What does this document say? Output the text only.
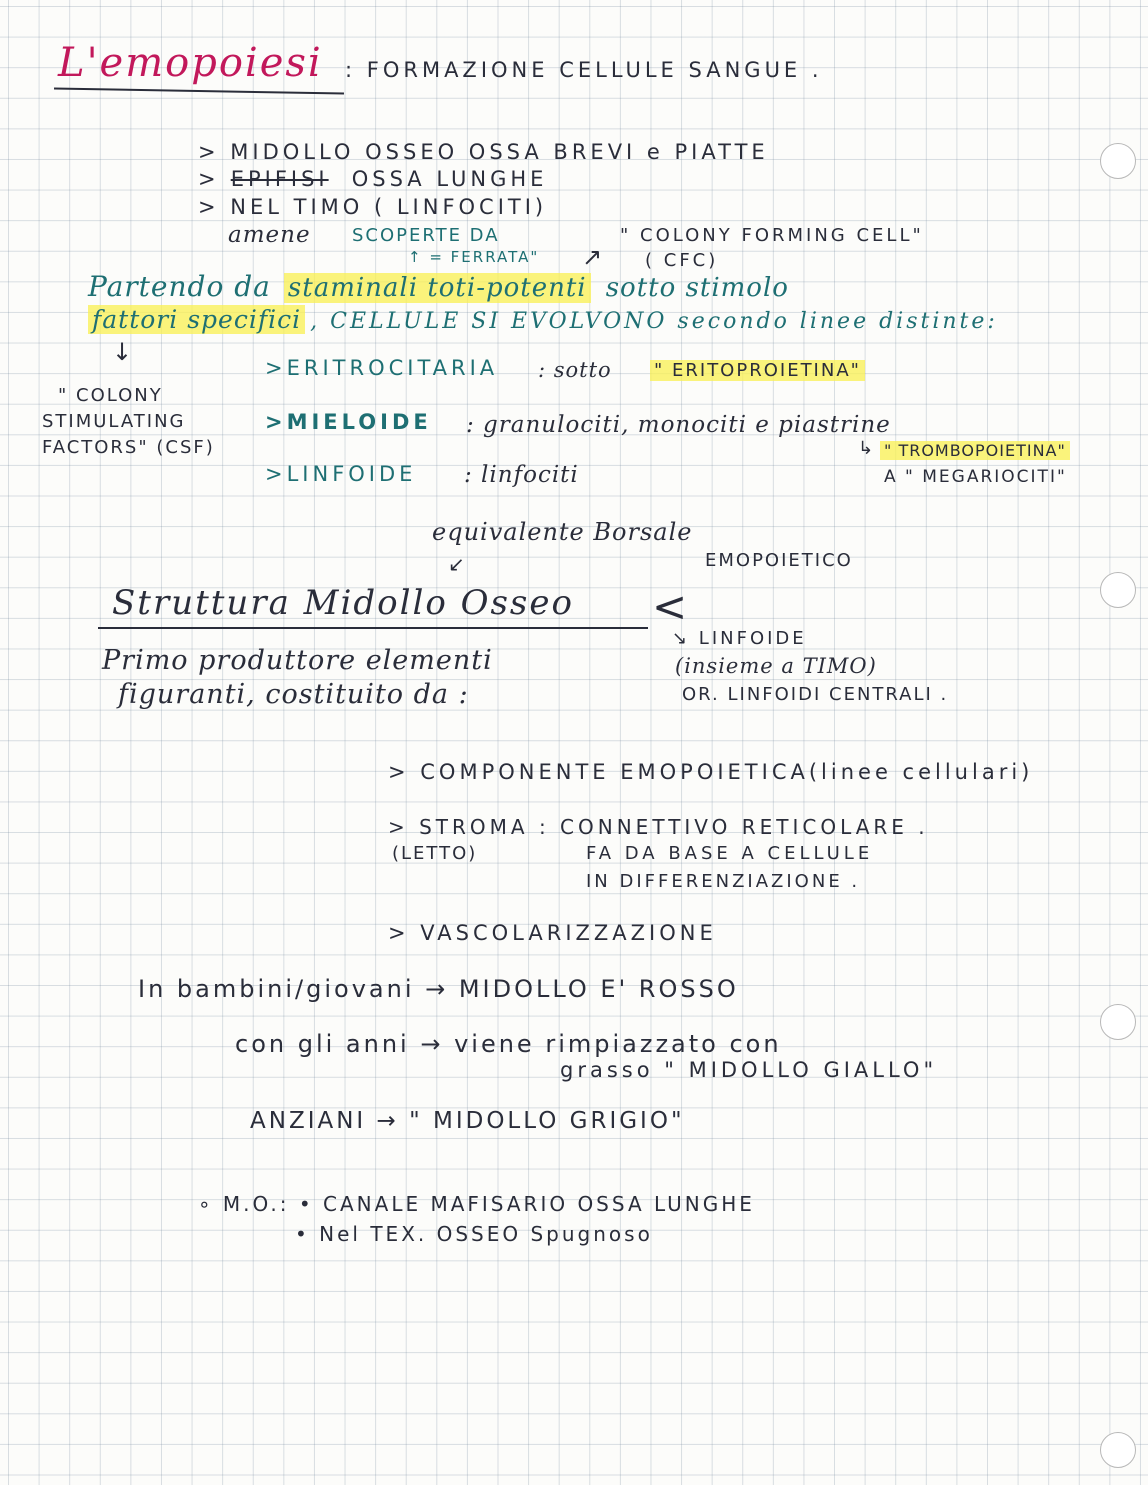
L'emopoiesi : FORMAZIONE CELLULE SANGUE .
> MIDOLLO OSSEO OSSA BREVI e PIATTE
> EPIFISI OSSA LUNGHE
> NEL TIMO ( LINFOCITI)
amene SCOPERTE DA
↑ = FERRATA" ↗
" COLONY FORMING CELL"
( CFC)
Partendo da staminali toti-potenti sotto stimolo
fattori specifici , CELLULE SI EVOLVONO secondo linee distinte:
↓
" COLONY
STIMULATING
FACTORS" (CSF)
>ERITROCITARIA : sotto " ERITOPROIETINA"
>MIELOIDE : granulociti, monociti e piastrine
↳ " TROMBOPOIETINA"
A " MEGARIOCITI"
>LINFOIDE : linfociti
equivalente Borsale
↙	EMOPOIETICO
Struttura Midollo Osseo <
↘ LINFOIDE
(insieme a TIMO)
OR. LINFOIDI CENTRALI .
Primo produttore elementi
figuranti, costituito da :
> COMPONENTE EMOPOIETICA(linee cellulari)
> STROMA : CONNETTIVO RETICOLARE .
(LETTO)	FA DA BASE A CELLULE
IN DIFFERENZIAZIONE .
> VASCOLARIZZAZIONE
In bambini/giovani → MIDOLLO E' ROSSO
con gli anni → viene rimpiazzato con
grasso " MIDOLLO GIALLO"
ANZIANI → " MIDOLLO GRIGIO"
∘ M.O.: • CANALE MAFISARIO OSSA LUNGHE
• Nel TEX. OSSEO Spugnoso
